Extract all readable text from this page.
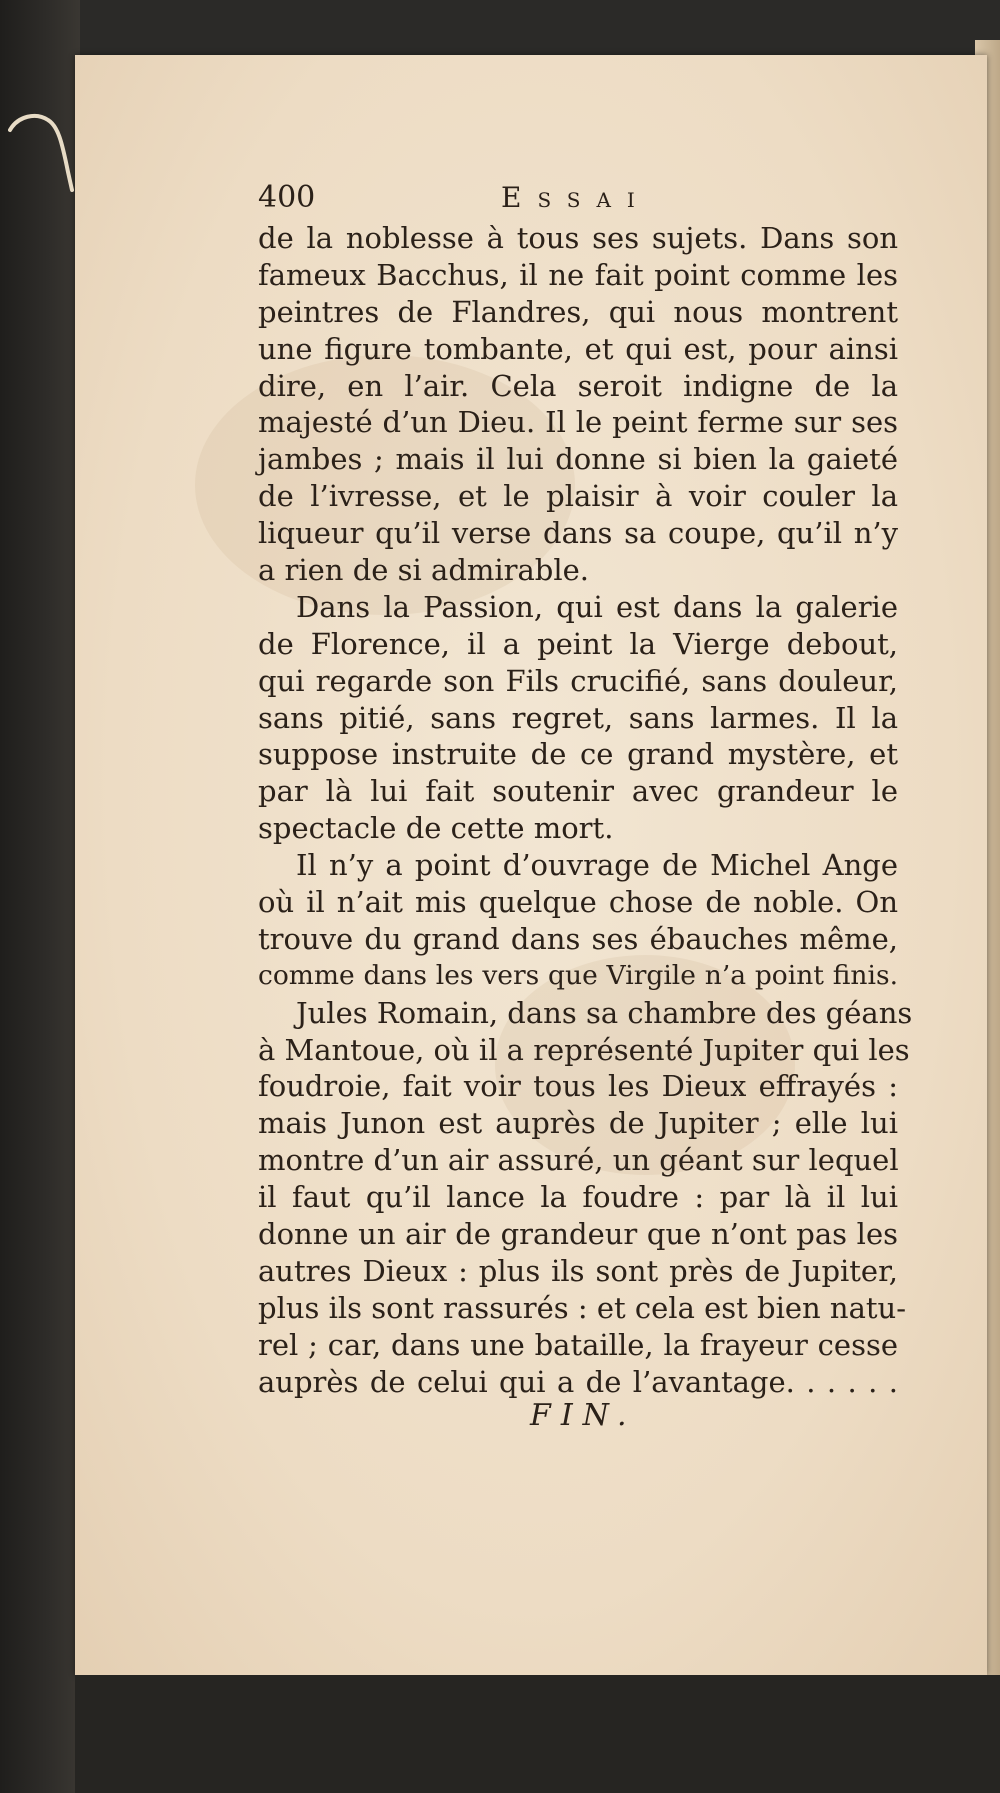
400	Essai
de la noblesse à tous ses sujets. Dans son
fameux Bacchus, il ne fait point comme les
peintres de Flandres, qui nous montrent
une figure tombante, et qui est, pour ainsi
dire, en l’air. Cela seroit indigne de la
majesté d’un Dieu. Il le peint ferme sur ses
jambes ; mais il lui donne si bien la gaieté
de l’ivresse, et le plaisir à voir couler la
liqueur qu’il verse dans sa coupe, qu’il n’y
a rien de si admirable.
Dans la Passion, qui est dans la galerie
de Florence, il a peint la Vierge debout,
qui regarde son Fils crucifié, sans douleur,
sans pitié, sans regret, sans larmes. Il la
suppose instruite de ce grand mystère, et
par là lui fait soutenir avec grandeur le
spectacle de cette mort.
Il n’y a point d’ouvrage de Michel Ange
où il n’ait mis quelque chose de noble. On
trouve du grand dans ses ébauches même,
comme dans les vers que Virgile n’a point finis.
Jules Romain, dans sa chambre des géans
à Mantoue, où il a représenté Jupiter qui les
foudroie, fait voir tous les Dieux effrayés :
mais Junon est auprès de Jupiter ; elle lui
montre d’un air assuré, un géant sur lequel
il faut qu’il lance la foudre : par là il lui
donne un air de grandeur que n’ont pas les
autres Dieux : plus ils sont près de Jupiter,
plus ils sont rassurés : et cela est bien natu-
rel ; car, dans une bataille, la frayeur cesse
auprès de celui qui a de l’avantage. . . . . .
FIN.
